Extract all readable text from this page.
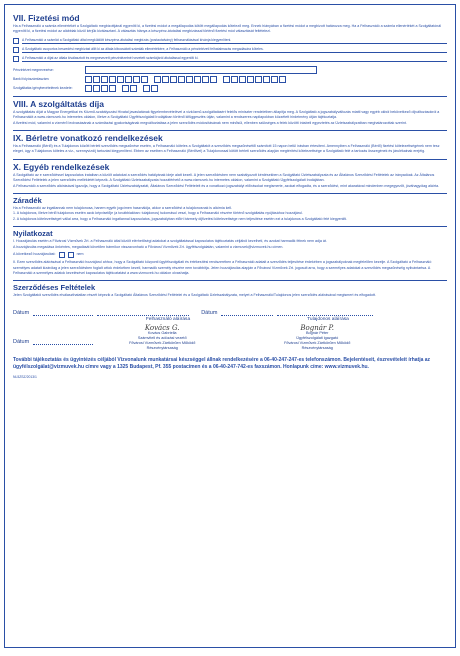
VII. Fizetési mód

Ha a Felhasználó a számla ellenértékét a Szolgáltató megbízottjánál egyenlíti ki, a fizetési módot a megállapodás kötött megállapodás kötelező meg. Ennek hiányában a fizetési módot a megbízott határozza meg. Ha a Felhasználó a számla ellenértékét a Szolgáltatónál egyenlíti ki, a fizetési módot az alábbiak közül kérjük kiválasztani. A választás hiánya a készpénz-átutalási megbízással történő fizetési mód választását feltételezi.

A Felhasználó a számlát a Szolgáltató által megküldött készpénz-átutalási megbízás (postautalvány) felhasználásával kívánja kiegyenlíteni.
A Szolgáltató csoportos beszedési megbízást állít ki az általa kibocsátott számlák ellenértékére, a Felhasználó a pénzintézeti felhatalmazás megadására köteles.
A Felhasználó a díjat az általa kiválasztott és megnevezett pénzintézetnél vezetett számlájáról átutalással egyenlíti ki.
Pénzintézet megnevezése:
Banki folyószámlaszám:
Szolgáltatás igénybevételének kezdete:
VIII. A szolgáltatás díja

A szolgáltatás díját a Magyar Energetikai és Közmű-szabályozási Hivatal javaslatának figyelembevételével a vízközmű-szolgáltatásért felelős miniszter rendeletben állapítja meg. A Szolgáltató a jogszabályváltozás miatti vagy egyéb okból bekövetkező díjváltozásokról a Felhasználót a www.vizmuvek.hu internetes oldalon, illetve a Szolgáltató Ügyfélszolgálati Irodájában történő kifüggesztés útján, valamint a rendszeres napilapokban közzétett hirdetmény útján tájékoztatja.

A fizetési mód, valamint a vízmérő leolvasásának a számlázási gyakoriságának megváltoztatása a jelen szerződés módosításának nem minősül, ellenben szükséges a felek közötti írásbeli egyeztetés az Üzletszabályzatban meghatározottak szerint.

IX. Bérletre vonatkozó rendelkezések

Ha a Felhasználó (Bérlő) és a Tulajdonos között bérleti szerződés megszűnése esetén, a Felhasználó köteles a Szolgáltatót a szerződés megszűnésétől számított 15 napon belül írásban értesíteni. Amennyiben a Felhasználó (Bérlő) fizetési kötelezettségének nem tesz eleget, úgy a Tulajdonos köteles a víz-, szennyvízdíj tartozást kiegyenlíteni. Ebben az esetben a Felhasználó (Bérlővel) a Tulajdonossal kötött bérleti szerződés alapján megtérítési kötelezettsége a Szolgáltató felé a tartozás összegének és járulékainak erejéig.

X. Egyéb rendelkezések

A Szolgáltató az e szerződéssel kapcsolatos irataiban a közölt adatokat a szerződés hatályának ideje alatt kezeli. A jelen szerződésben nem szabályozott kérdésekben a Szolgáltató Üzletszabályzata és az Általános Szerződési Feltételek az irányadóak. Az Általános Szerződési Feltételek a jelen szerződés mellékletét képezik. A Szolgáltató Üzletszabályzata hozzáférhető a www.vizmuvek.hu internetes oldalon, valamint a Szolgáltató Ügyfélszolgálati Irodájában.

A Felhasználó a szerződés aláírásával igazolja, hogy a Szolgáltató Üzletszabályzatát, Általános Szerződési Feltételeit és a vonatkozó jogszabályi előírásokat megismerte, azokat elfogadta, és a szerződést, mint akaratával mindenben megegyezőt, jóváhagyólag aláírta.

Záradék

Ha a Felhasználó az ingatlannak nem tulajdonosa, hanem egyéb jogcímen használója, akkor a szerződést a tulajdonosnak is aláírnia kell.

1. A tulajdonos, illetve bérlő tulajdonos esetén azok képviselője (a továbbiakban: tulajdonos) tudomásul veszi, hogy a Felhasználó részére történő szolgáltatás nyújtásához hozzájárul.

2. A tulajdonos kötelezettséget vállal arra, hogy a Felhasználó ingatlannal kapcsolatos, jogszabályban előírt bármely díjfizetési kötelezettsége nem teljesítése esetén ezt a tulajdonos a Szolgáltató felé kiegyenlíti.

Nyilatkozat

I. Hozzájárulás esetén a Fővárosi Vízművek Zrt. a Felhasználó által közölt elérhetőségi adatokat a szolgáltatással kapcsolatos tájékoztatás céljából kezelheti, és azokat harmadik félnek nem adja át.

A hozzájárulás megadása önkéntes, megadását követően bármikor visszavonható a Fővárosi Vízművek Zrt. ügyfélszolgálatán, valamint a vizmuvek@vizmuvek.hu címen.

A következő hozzájárulást:	nem

II. Ezen szerződés aláírásával a Felhasználó hozzájárul ahhoz, hogy a Szolgáltató központi ügyfélszolgálati és értékesítési rendszerében a Felhasználó adatait a szerződés teljesítése érdekében a jogszabályoknak megfelelően kezelje. A Szolgáltató a Felhasználó személyes adatait kizárólag a jelen szerződésben foglalt célok érdekében kezeli, harmadik személy részére nem továbbítja. Jelen hozzájárulás alapján a Fővárosi Vízművek Zrt. jogosult arra, hogy a személyes adatokat a szerződés megszűnéséig nyilvántartsa. A Felhasználó a személyes adatok kezelésével kapcsolatos tájékoztatást a www.vizmuvek.hu oldalon olvashatja.

Szerződéses Feltételek

Jelen Szolgáltatói szerződés elválaszthatatlan részét képezik a Szolgáltató Általános Szerződési Feltételei és a Szolgáltató Üzletszabályzata, melyet a Felhasználó/Tulajdonos jelen szerződés aláírásával megismert és elfogadott.

Dátum	Dátum
Felhasználó aláírása	Tulajdonos aláírása
Dátum
Kovács G.
Kovács Gabriella
Számviteli és adózási vezető
Fővárosi Vízművek Zártkörűen Működő
Részvénytársaság
Bognár P.
Bognár Péter
Ügyfélszolgálati igazgató
Fővárosi Vízművek Zártkörűen Működő
Részvénytársaság
További tájékoztatás és ügyintézés céljából Vízvonalunk munkatársai készséggel állnak rendelkezésére a 06-40-247-247-es telefonszámon. Bejelentéseit, észrevételeit írhatja az ügyfélszolgálat@vizmuvek.hu címre vagy a 1325 Budapest, Pf. 355 postacímen és a 06-40-247-742-es faxszámon. Honlapunk címe: www.vizmuvek.hu.
NL5ZSZ/2013/1
